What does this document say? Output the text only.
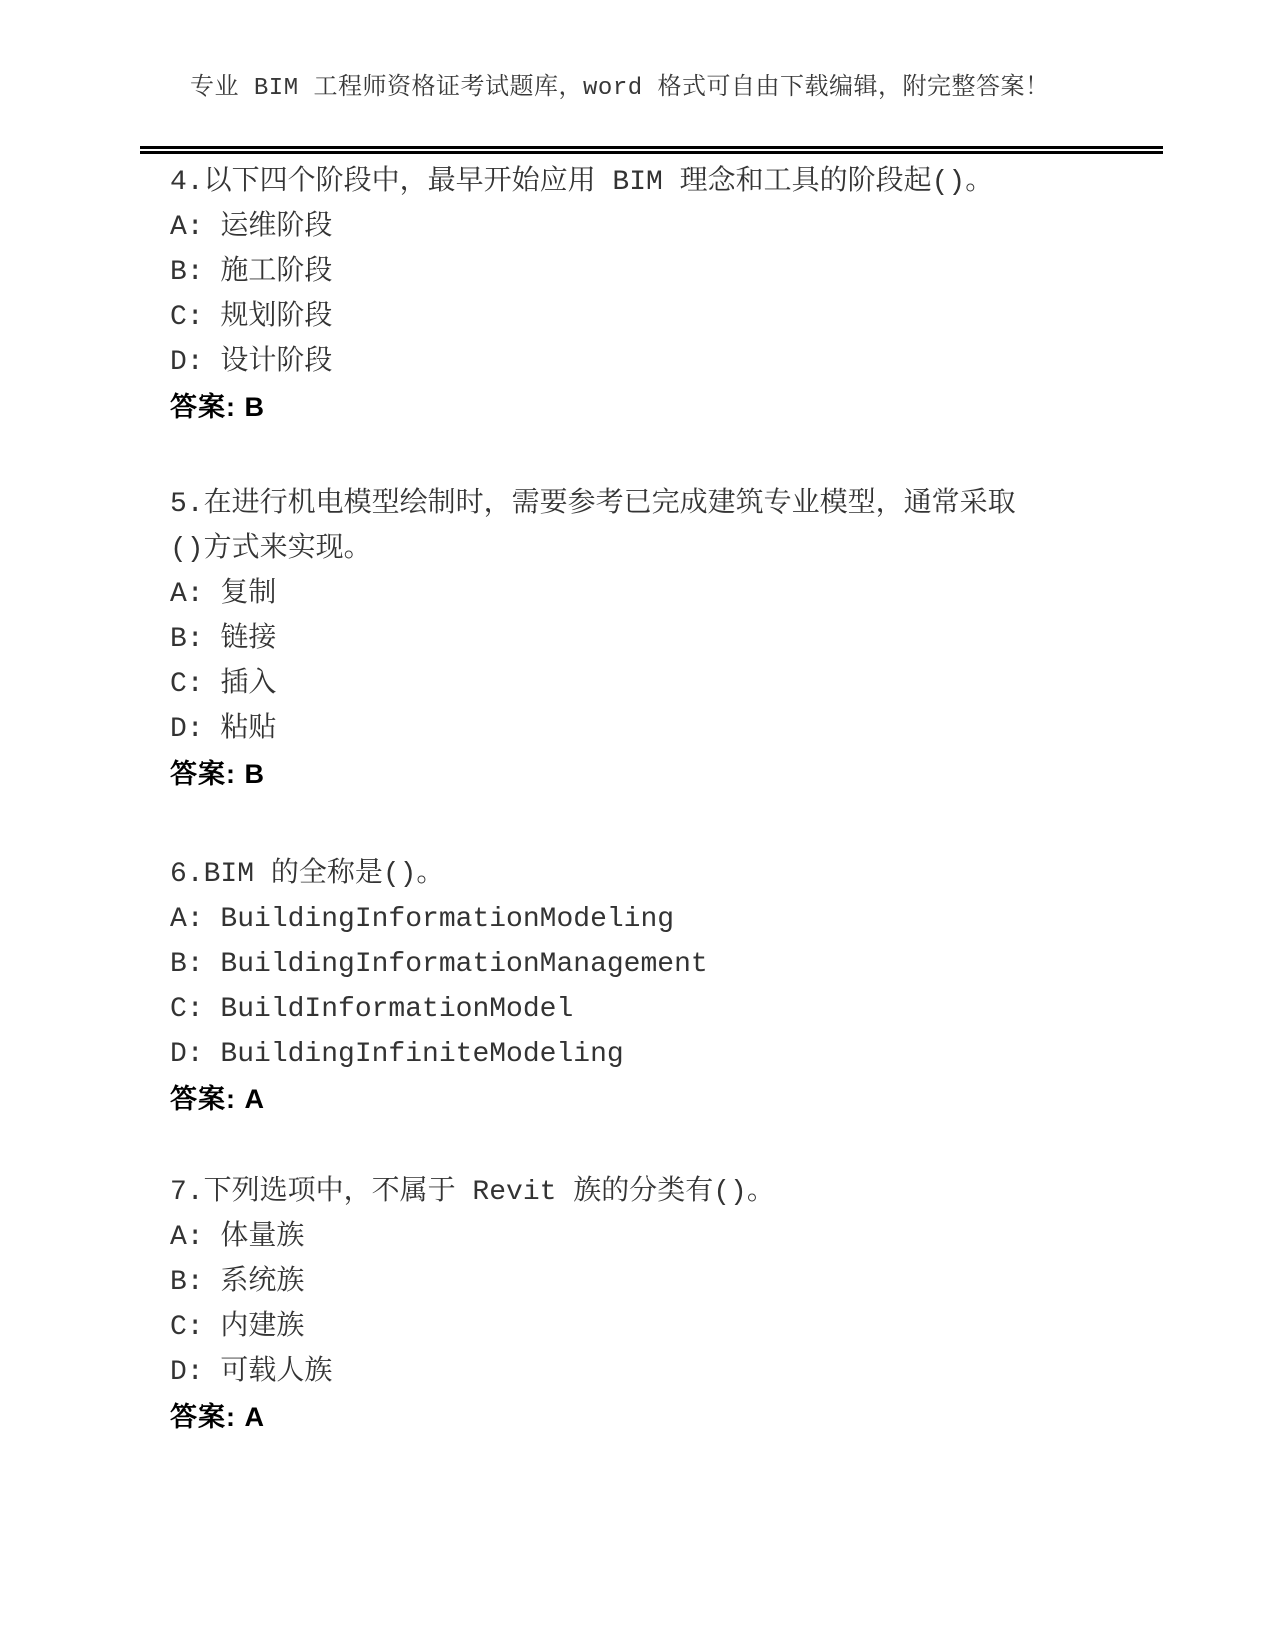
专业 BIM 工程师资格证考试题库，word 格式可自由下载编辑，附完整答案！
4.以下四个阶段中，最早开始应用 BIM 理念和工具的阶段起()。
A: 运维阶段
B: 施工阶段
C: 规划阶段
D: 设计阶段
答案: B
5.在进行机电模型绘制时，需要参考已完成建筑专业模型，通常采取
()方式来实现。
A: 复制
B: 链接
C: 插入
D: 粘贴
答案: B
6.BIM 的全称是()。
A: BuildingInformationModeling
B: BuildingInformationManagement
C: BuildInformationModel
D: BuildingInfiniteModeling
答案: A
7.下列选项中，不属于 Revit 族的分类有()。
A: 体量族
B: 系统族
C: 内建族
D: 可载人族
答案: A
